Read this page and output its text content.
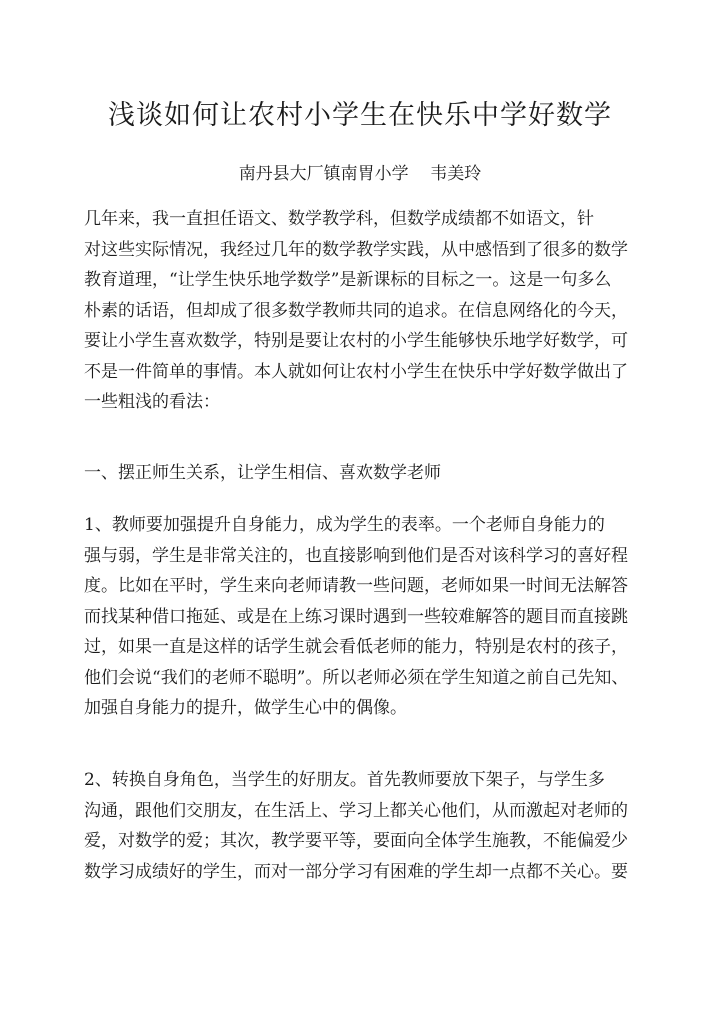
浅谈如何让农村小学生在快乐中学好数学
南丹县大厂镇南胃小学    韦美玲
几年来，我一直担任语文、数学教学科，但数学成绩都不如语文，针
对这些实际情况，我经过几年的数学教学实践，从中感悟到了很多的数学
教育道理，“让学生快乐地学数学”是新课标的目标之一。这是一句多么
朴素的话语，但却成了很多数学教师共同的追求。在信息网络化的今天，
要让小学生喜欢数学，特别是要让农村的小学生能够快乐地学好数学，可
不是一件简单的事情。本人就如何让农村小学生在快乐中学好数学做出了
一些粗浅的看法：
一、摆正师生关系，让学生相信、喜欢数学老师
1、教师要加强提升自身能力，成为学生的表率。一个老师自身能力的
强与弱，学生是非常关注的，也直接影响到他们是否对该科学习的喜好程
度。比如在平时，学生来向老师请教一些问题，老师如果一时间无法解答
而找某种借口拖延、或是在上练习课时遇到一些较难解答的题目而直接跳
过，如果一直是这样的话学生就会看低老师的能力，特别是农村的孩子，
他们会说“我们的老师不聪明”。所以老师必须在学生知道之前自己先知、
加强自身能力的提升，做学生心中的偶像。
2、转换自身角色，当学生的好朋友。首先教师要放下架子，与学生多
沟通，跟他们交朋友，在生活上、学习上都关心他们，从而激起对老师的
爱，对数学的爱；其次，教学要平等，要面向全体学生施教，不能偏爱少
数学习成绩好的学生，而对一部分学习有困难的学生却一点都不关心。要
